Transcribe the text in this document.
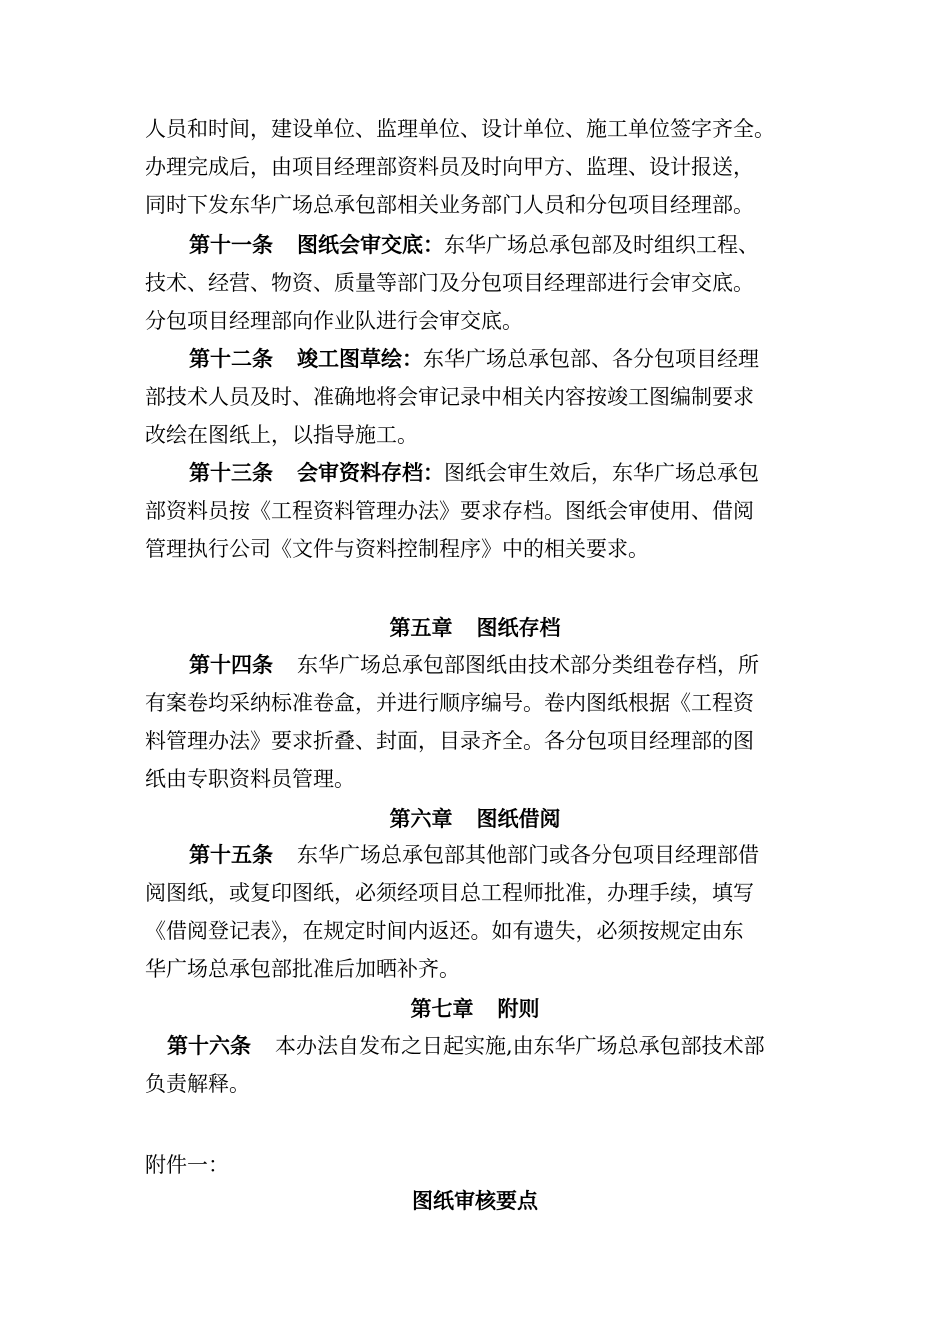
人员和时间，建设单位、监理单位、设计单位、施工单位签字齐全。
办理完成后，由项目经理部资料员及时向甲方、监理、设计报送，
同时下发东华广场总承包部相关业务部门人员和分包项目经理部。
第十一条 图纸会审交底：东华广场总承包部及时组织工程、
技术、经营、物资、质量等部门及分包项目经理部进行会审交底。
分包项目经理部向作业队进行会审交底。
第十二条 竣工图草绘：东华广场总承包部、各分包项目经理
部技术人员及时、准确地将会审记录中相关内容按竣工图编制要求
改绘在图纸上，以指导施工。
第十三条 会审资料存档：图纸会审生效后，东华广场总承包
部资料员按《工程资料管理办法》要求存档。图纸会审使用、借阅
管理执行公司《文件与资料控制程序》中的相关要求。
第五章 图纸存档
第十四条 东华广场总承包部图纸由技术部分类组卷存档，所
有案卷均采纳标准卷盒，并进行顺序编号。卷内图纸根据《工程资
料管理办法》要求折叠、封面，目录齐全。各分包项目经理部的图
纸由专职资料员管理。
第六章 图纸借阅
第十五条 东华广场总承包部其他部门或各分包项目经理部借
阅图纸，或复印图纸，必须经项目总工程师批准，办理手续，填写
《借阅登记表》，在规定时间内返还。如有遗失，必须按规定由东
华广场总承包部批准后加晒补齐。
第七章 附则
第十六条 本办法自发布之日起实施,由东华广场总承包部技术部
负责解释。
附件一：
图纸审核要点
